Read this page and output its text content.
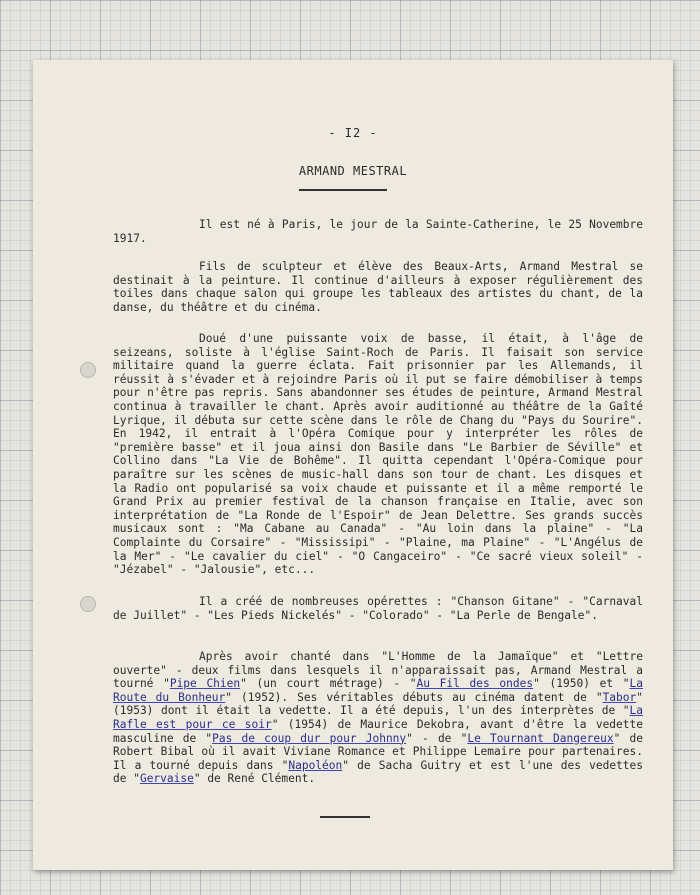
- I2 -
ARMAND MESTRAL

Il est né à Paris, le jour de la Sainte-Catherine, le 25 Novembre 1917.

Fils de sculpteur et élève des Beaux-Arts, Armand Mestral se destinait à la peinture. Il continue d'ailleurs à exposer régulièrement des toiles dans chaque salon qui groupe les tableaux des artistes du chant, de la danse, du théâtre et du cinéma.

Doué d'une puissante voix de basse, il était, à l'âge de seizeans, soliste à l'église Saint-Roch de Paris. Il faisait son service militaire quand la guerre éclata. Fait prisonnier par les Allemands, il réussit à s'évader et à rejoindre Paris où il put se faire démobiliser à temps pour n'être pas repris. Sans abandonner ses études de peinture, Armand Mestral continua à travailler le chant. Après avoir auditionné au théâtre de la Gaîté Lyrique, il débuta sur cette scène dans le rôle de Chang du "Pays du Sourire". En 1942, il entrait à l'Opéra Comique pour y interpréter les rôles de "première basse" et il joua ainsi don Basile dans "Le Barbier de Séville" et Collino dans "La Vie de Bohême". Il quitta cependant l'Opéra-Comique pour paraître sur les scènes de music-hall dans son tour de chant. Les disques et la Radio ont popularisé sa voix chaude et puissante et il a même remporté le Grand Prix au premier festival de la chanson française en Italie, avec son interprétation de "La Ronde de l'Espoir" de Jean Delettre. Ses grands succès musicaux sont : "Ma Cabane au Canada" - "Au loin dans la plaine" - "La Complainte du Corsaire" - "Mississipi" - "Plaine, ma Plaine" - "L'Angélus de la Mer" - "Le cavalier du ciel" - "O Cangaceiro" - "Ce sacré vieux soleil" - "Jézabel" - "Jalousie", etc...

Il a créé de nombreuses opérettes : "Chanson Gitane" - "Carnaval de Juillet" - "Les Pieds Nickelés" - "Colorado" - "La Perle de Bengale".

Après avoir chanté dans "L'Homme de la Jamaïque" et "Lettre ouverte" - deux films dans lesquels il n'apparaissait pas, Armand Mestral a tourné "Pipe Chien" (un court métrage) - "Au Fil des ondes" (1950) et "La Route du Bonheur" (1952). Ses véritables débuts au cinéma datent de "Tabor" (1953) dont il était la vedette. Il a été depuis, l'un des interprètes de "La Rafle est pour ce soir" (1954) de Maurice Dekobra, avant d'être la vedette masculine de "Pas de coup dur pour Johnny" - de "Le Tournant Dangereux" de Robert Bibal où il avait Viviane Romance et Philippe Lemaire pour partenaires. Il a tourné depuis dans "Napoléon" de Sacha Guitry et est l'une des vedettes de "Gervaise" de René Clément.
